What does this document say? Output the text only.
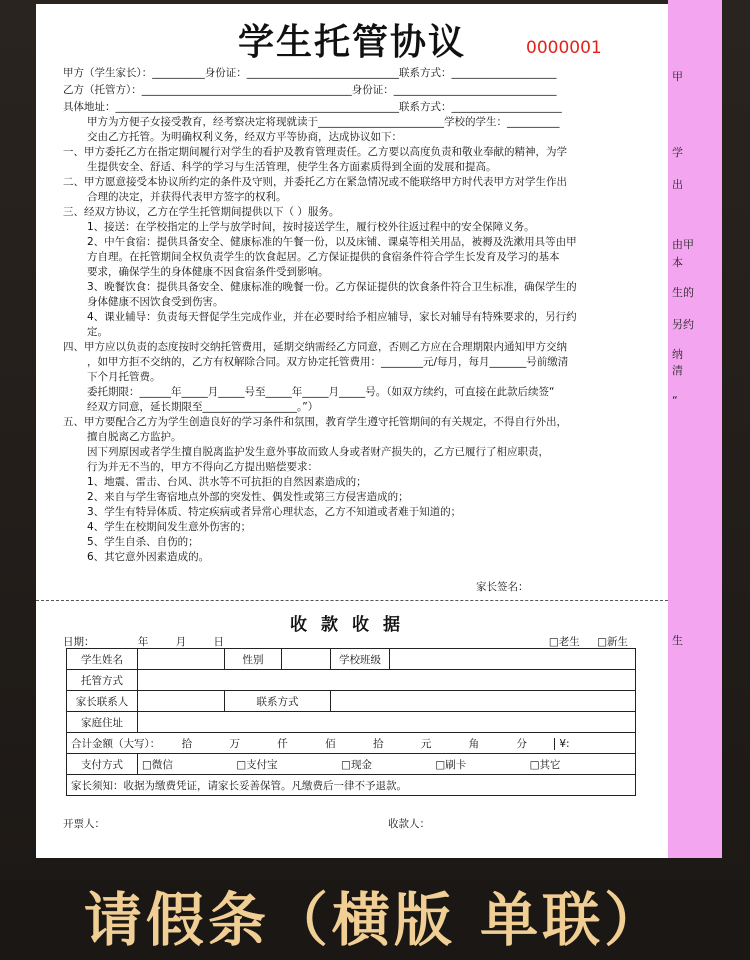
甲
学
出
由甲
本
生的
另约
纳
清
“
生
学生托管协议	0000001
甲方（学生家长）：__________身份证：_____________________________联系方式：____________________
乙方（托管方）：________________________________________身份证：_______________________________
具体地址：______________________________________________________联系方式：_____________________

甲方为方便子女接受教育，经考察决定将现就读于________________________学校的学生：__________

交由乙方托管。为明确权利义务，经双方平等协商，达成协议如下：

一、甲方委托乙方在指定期间履行对学生的看护及教育管理责任。乙方要以高度负责和敬业奉献的精神，为学

生提供安全、舒适、科学的学习与生活管理，使学生各方面素质得到全面的发展和提高。

二、甲方愿意接受本协议所约定的条件及守则，并委托乙方在紧急情况或不能联络甲方时代表甲方对学生作出

合理的决定，并获得代表甲方签字的权利。

三、经双方协议，乙方在学生托管期间提供以下（ ）服务。

1、接送：在学校指定的上学与放学时间，按时接送学生，履行校外往返过程中的安全保障义务。

2、中午食宿：提供具备安全、健康标准的午餐一份，以及床铺、课桌等相关用品，被褥及洗漱用具等由甲

方自理。在托管期间全权负责学生的饮食起居。乙方保证提供的食宿条件符合学生长发育及学习的基本

要求，确保学生的身体健康不因食宿条件受到影响。

3、晚餐饮食：提供具备安全、健康标准的晚餐一份。乙方保证提供的饮食条件符合卫生标准，确保学生的

身体健康不因饮食受到伤害。

4、课业辅导：负责每天督促学生完成作业，并在必要时给予相应辅导，家长对辅导有特殊要求的，另行约

定。

四、甲方应以负责的态度按时交纳托管费用，延期交纳需经乙方同意，否则乙方应在合理期限内通知甲方交纳

，如甲方拒不交纳的，乙方有权解除合同。双方协定托管费用：________元/每月，每月_______号前缴清

下个月托管费。

委托期限：______年_____月_____号至_____年_____月_____号。（如双方续约，可直接在此款后续签“

经双方同意，延长期限至__________________。”）

五、甲方要配合乙方为学生创造良好的学习条件和氛围，教育学生遵守托管期间的有关规定，不得自行外出，

擅自脱离乙方监护。

因下列原因或者学生擅自脱离监护发生意外事故而致人身或者财产损失的，乙方已履行了相应职责，

行为并无不当的，甲方不得向乙方提出赔偿要求：

1、地震、雷击、台风、洪水等不可抗拒的自然因素造成的；

2、来自与学生寄宿地点外部的突发性、偶发性或第三方侵害造成的；

3、学生有特异体质、特定疾病或者异常心理状态，乙方不知道或者难于知道的；

4、学生在校期间发生意外伤害的；

5、学生自杀、自伤的；

6、其它意外因素造成的。

家长签名：
收款收据
日期：	年	月	日	□老生 □新生
学生姓名		性别		学校班级	
托管方式					
家长联系人		联系方式			
家庭住址					
合计金额（大写）： 拾 万 仟 佰 拾 元 角 分 ¥:					
支付方式	□微信 □支付宝 □现金 □刷卡 □其它				
家长须知：收据为缴费凭证，请家长妥善保管。凡缴费后一律不予退款。					
开票人：	收款人：
请假条（横版 单联）
